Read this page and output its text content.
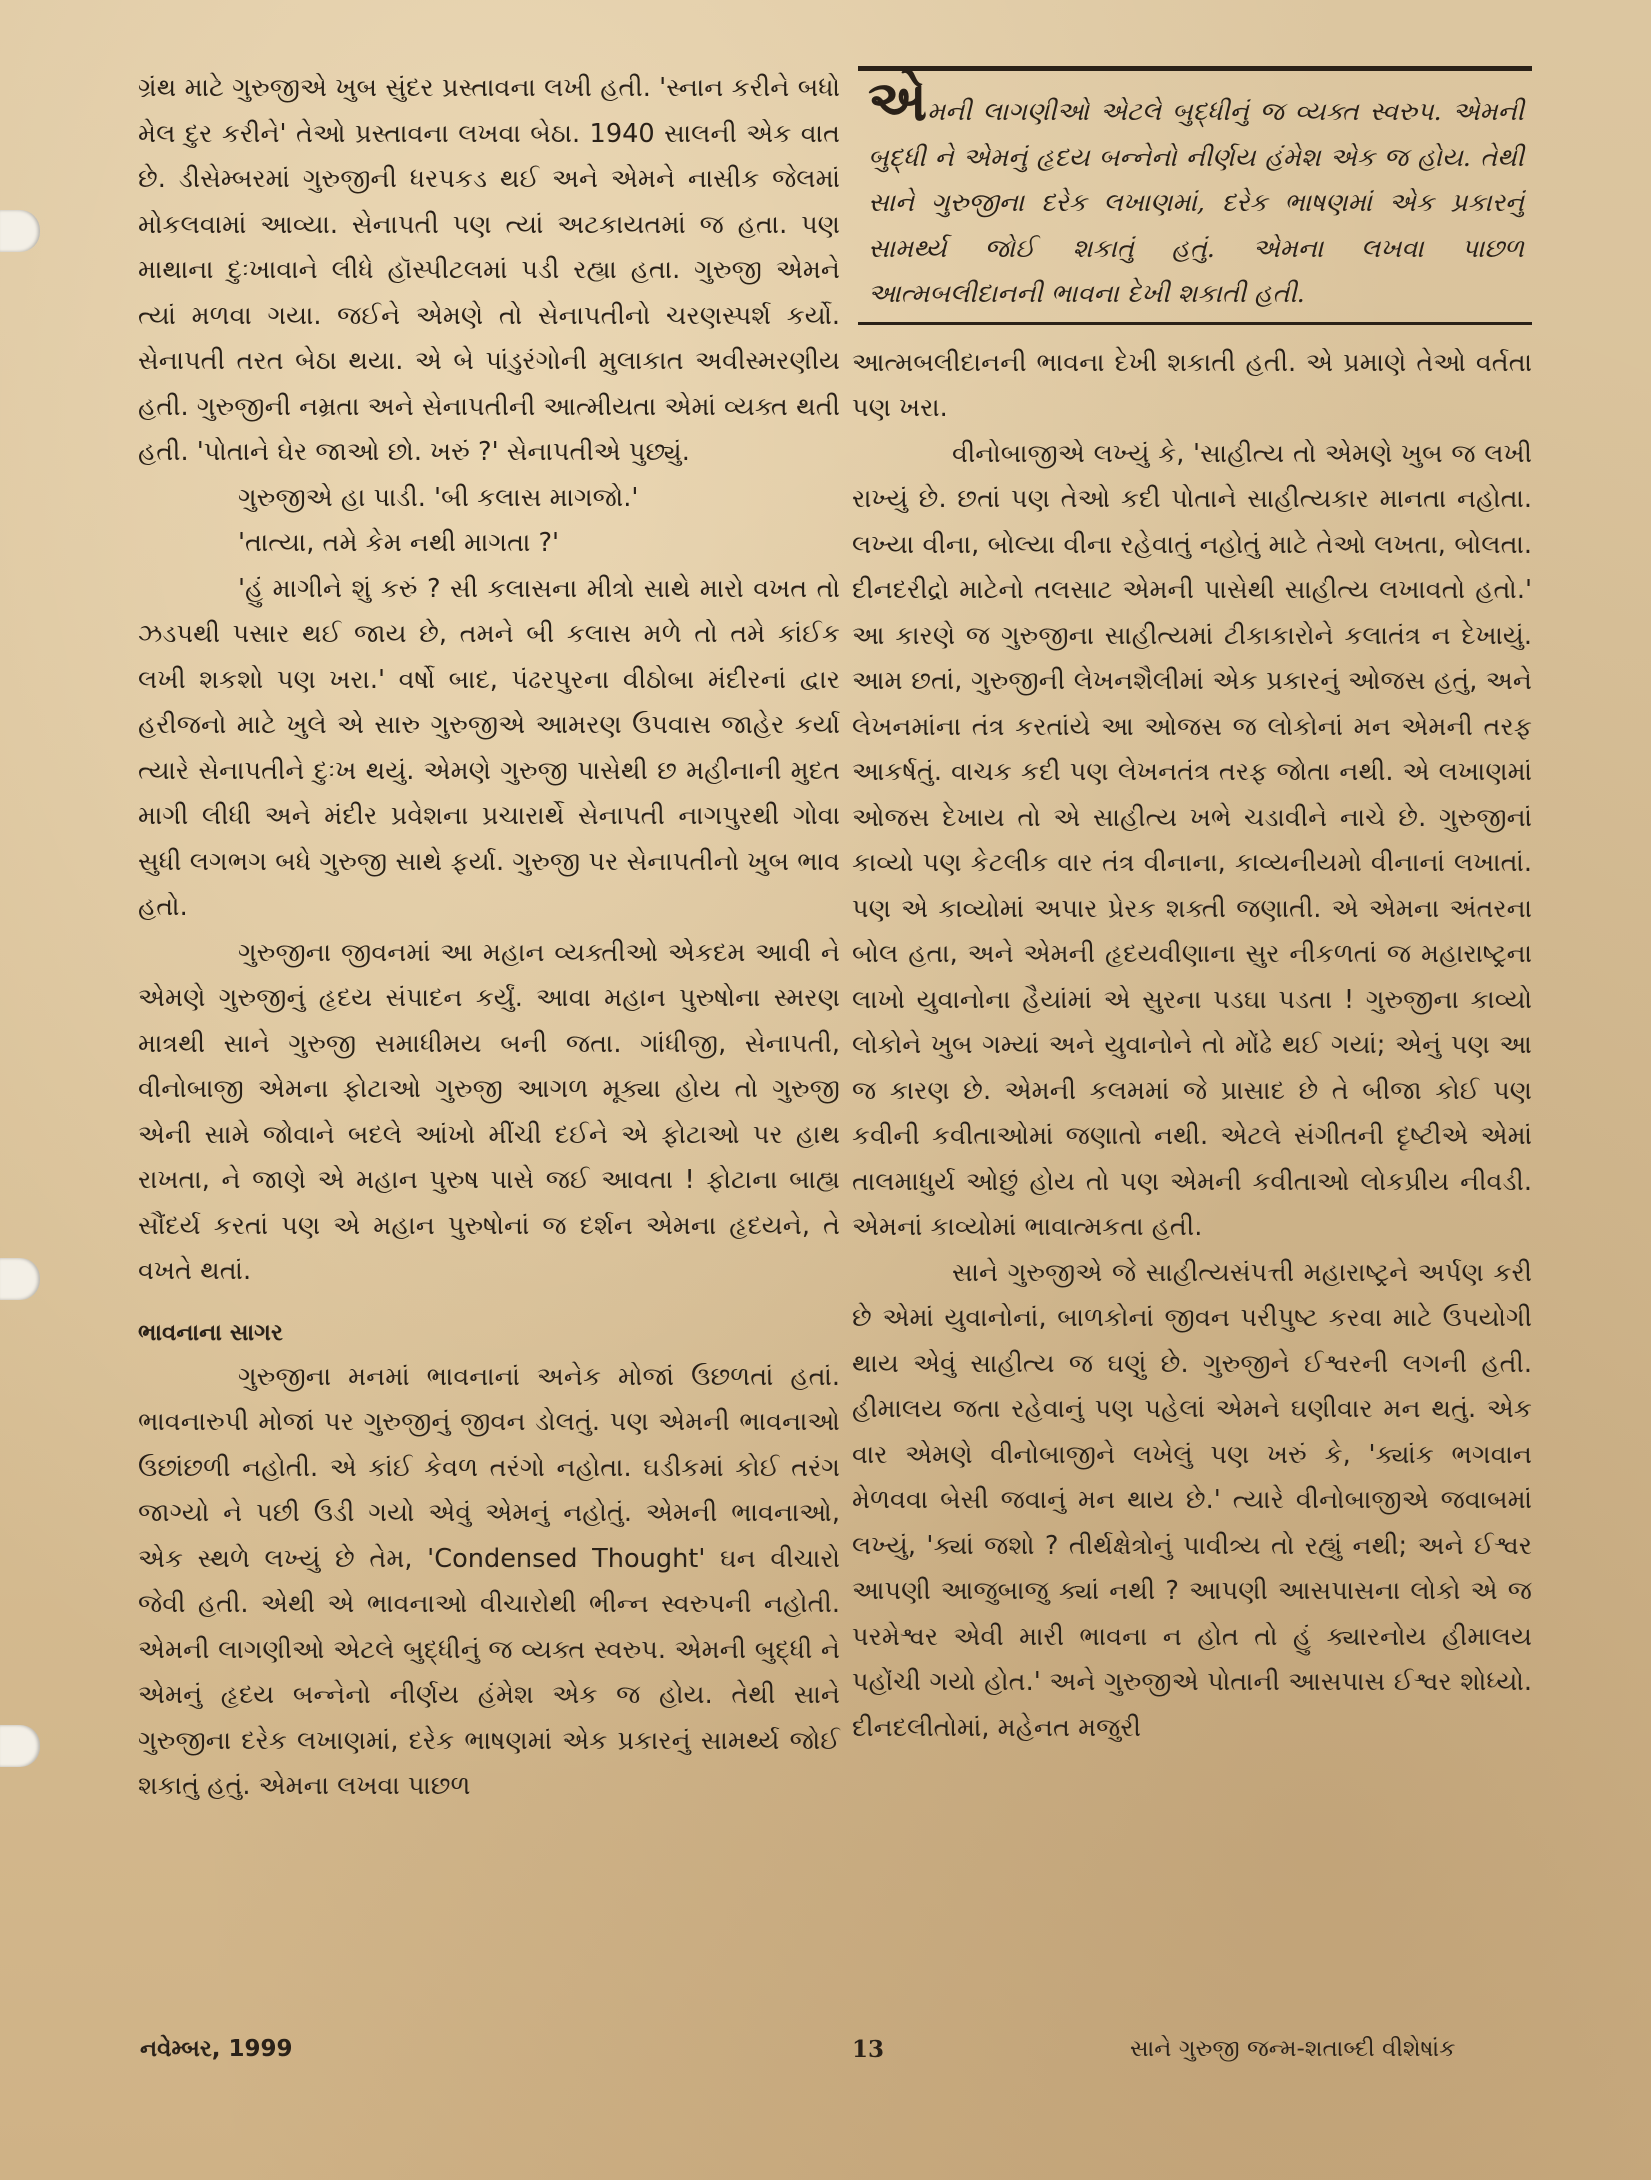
ગ્રંથ માટે ગુરુજીએ ખુબ સુંદર પ્રસ્તાવના લખી હતી. 'સ્નાન કરીને બધો મેલ દુર કરીને' તેઓ પ્રસ્તાવના લખવા બેઠા. 1940 સાલની એક વાત છે. ડીસેમ્બરમાં ગુરુજીની ધરપકડ થઈ અને એમને નાસીક જેલમાં મોકલવામાં આવ્યા. સેનાપતી પણ ત્યાં અટકાયતમાં જ હતા. પણ માથાના દુઃખાવાને લીધે હૉસ્પીટલમાં પડી રહ્યા હતા. ગુરુજી એમને ત્યાં મળવા ગયા. જઈને એમણે તો સેનાપતીનો ચરણસ્પર્શ કર્યો. સેનાપતી તરત બેઠા થયા. એ બે પાંડુરંગોની મુલાકાત અવીસ્મરણીય હતી. ગુરુજીની નમ્રતા અને સેનાપતીની આત્મીયતા એમાં વ્યક્ત થતી હતી. 'પોતાને ઘેર જાઓ છો. ખરું ?' સેનાપતીએ પુછ્યું.

ગુરુજીએ હા પાડી. 'બી કલાસ માગજો.'

'તાત્યા, તમે કેમ નથી માગતા ?'

'હું માગીને શું કરું ? સી કલાસના મીત્રો સાથે મારો વખત તો ઝડપથી પસાર થઈ જાય છે, તમને બી કલાસ મળે તો તમે કાંઈક લખી શકશો પણ ખરા.' વર્ષો બાદ, પંઢરપુરના વીઠોબા મંદીરનાં દ્વાર હરીજનો માટે ખુલે એ સારુ ગુરુજીએ આમરણ ઉપવાસ જાહેર કર્યા ત્યારે સેનાપતીને દુઃખ થયું. એમણે ગુરુજી પાસેથી છ મહીનાની મુદત માગી લીધી અને મંદીર પ્રવેશના પ્રચારાર્થે સેનાપતી નાગપુરથી ગોવા સુધી લગભગ બધે ગુરુજી સાથે ફર્યા. ગુરુજી પર સેનાપતીનો ખુબ ભાવ હતો.

ગુરુજીના જીવનમાં આ મહાન વ્યક્તીઓ એકદમ આવી ને એમણે ગુરુજીનું હૃદય સંપાદન કર્યું. આવા મહાન પુરુષોના સ્મરણ માત્રથી સાને ગુરુજી સમાધીમય બની જતા. ગાંધીજી, સેનાપતી, વીનોબાજી એમના ફોટાઓ ગુરુજી આગળ મૂક્યા હોય તો ગુરુજી એની સામે જોવાને બદલે આંખો મીંચી દઈને એ ફોટાઓ પર હાથ રાખતા, ને જાણે એ મહાન પુરુષ પાસે જઈ આવતા ! ફોટાના બાહ્ય સૌંદર્ય કરતાં પણ એ મહાન પુરુષોનાં જ દર્શન એમના હૃદયને, તે વખતે થતાં.

ભાવનાના સાગર

ગુરુજીના મનમાં ભાવનાનાં અનેક મોજાં ઉછળતાં હતાં. ભાવનારુપી મોજાં પર ગુરુજીનું જીવન ડોલતું. પણ એમની ભાવનાઓ ઉછાંછળી નહોતી. એ કાંઈ કેવળ તરંગો નહોતા. ઘડીકમાં કોઈ તરંગ જાગ્યો ને પછી ઉડી ગયો એવું એમનું નહોતું. એમની ભાવનાઓ, એક સ્થળે લખ્યું છે તેમ, 'Condensed Thought' ઘન વીચારો જેવી હતી. એથી એ ભાવનાઓ વીચારોથી ભીન્ન સ્વરુપની નહોતી. એમની લાગણીઓ એટલે બુદ્ધીનું જ વ્યક્ત સ્વરુપ. એમની બુદ્ધી ને એમનું હૃદય બન્નેનો નીર્ણય હંમેશ એક જ હોય. તેથી સાને ગુરુજીના દરેક લખાણમાં, દરેક ભાષણમાં એક પ્રકારનું સામર્થ્ય જોઈ શકાતું હતું. એમના લખવા પાછળ

એમની લાગણીઓ એટલે બુદ્ધીનું જ વ્યક્ત સ્વરુપ. એમની બુદ્ધી ને એમનું હૃદય બન્નેનો નીર્ણય હંમેશ એક જ હોય. તેથી સાને ગુરુજીના દરેક લખાણમાં, દરેક ભાષણમાં એક પ્રકારનું સામર્થ્ય જોઈ શકાતું હતું. એમના લખવા પાછળ આત્મબલીદાનની ભાવના દેખી શકાતી હતી.

આત્મબલીદાનની ભાવના દેખી શકાતી હતી. એ પ્રમાણે તેઓ વર્તતા પણ ખરા.

વીનોબાજીએ લખ્યું કે, 'સાહીત્ય તો એમણે ખુબ જ લખી રાખ્યું છે. છતાં પણ તેઓ કદી પોતાને સાહીત્યકાર માનતા નહોતા. લખ્યા વીના, બોલ્યા વીના રહેવાતું નહોતું માટે તેઓ લખતા, બોલતા. દીનદરીદ્રો માટેનો તલસાટ એમની પાસેથી સાહીત્ય લખાવતો હતો.' આ કારણે જ ગુરુજીના સાહીત્યમાં ટીકાકારોને કલાતંત્ર ન દેખાયું. આમ છતાં, ગુરુજીની લેખનશૈલીમાં એક પ્રકારનું ઓજસ હતું, અને લેખનમાંના તંત્ર કરતાંયે આ ઓજસ જ લોકોનાં મન એમની તરફ આકર્ષતું. વાચક કદી પણ લેખનતંત્ર તરફ જોતા નથી. એ લખાણમાં ઓજસ દેખાય તો એ સાહીત્ય ખભે ચડાવીને નાચે છે. ગુરુજીનાં કાવ્યો પણ કેટલીક વાર તંત્ર વીનાના, કાવ્યનીયમો વીનાનાં લખાતાં. પણ એ કાવ્યોમાં અપાર પ્રેરક શક્તી જણાતી. એ એમના અંતરના બોલ હતા, અને એમની હૃદયવીણાના સુર નીકળતાં જ મહારાષ્ટ્રના લાખો યુવાનોના હૈયાંમાં એ સુરના પડઘા પડતા ! ગુરુજીના કાવ્યો લોકોને ખુબ ગમ્યાં અને યુવાનોને તો મોંઢે થઈ ગયાં; એનું પણ આ જ કારણ છે. એમની કલમમાં જે પ્રાસાદ છે તે બીજા કોઈ પણ કવીની કવીતાઓમાં જણાતો નથી. એટલે સંગીતની દૃષ્ટીએ એમાં તાલમાધુર્ય ઓછું હોય તો પણ એમની કવીતાઓ લોકપ્રીય નીવડી. એમનાં કાવ્યોમાં ભાવાત્મકતા હતી.

સાને ગુરુજીએ જે સાહીત્યસંપત્તી મહારાષ્ટ્રને અર્પણ કરી છે એમાં યુવાનોનાં, બાળકોનાં જીવન પરીપુષ્ટ કરવા માટે ઉપયોગી થાય એવું સાહીત્ય જ ઘણું છે. ગુરુજીને ઈશ્વરની લગની હતી. હીમાલય જતા રહેવાનું પણ પહેલાં એમને ઘણીવાર મન થતું. એક વાર એમણે વીનોબાજીને લખેલું પણ ખરું કે, 'ક્યાંક ભગવાન મેળવવા બેસી જવાનું મન થાય છે.' ત્યારે વીનોબાજીએ જવાબમાં લખ્યું, 'ક્યાં જશો ? તીર્થક્ષેત્રોનું પાવીત્ર્ય તો રહ્યું નથી; અને ઈશ્વર આપણી આજુબાજુ ક્યાં નથી ? આપણી આસપાસના લોકો એ જ પરમેશ્વર એવી મારી ભાવના ન હોત તો હું ક્યારનોય હીમાલય પહોંચી ગયો હોત.' અને ગુરુજીએ પોતાની આસપાસ ઈશ્વર શોધ્યો. દીનદલીતોમાં, મહેનત મજુરી

નવેમ્બર, 1999	13	સાને ગુરુજી જન્મ-શતાબ્દી વીશેષાંક
